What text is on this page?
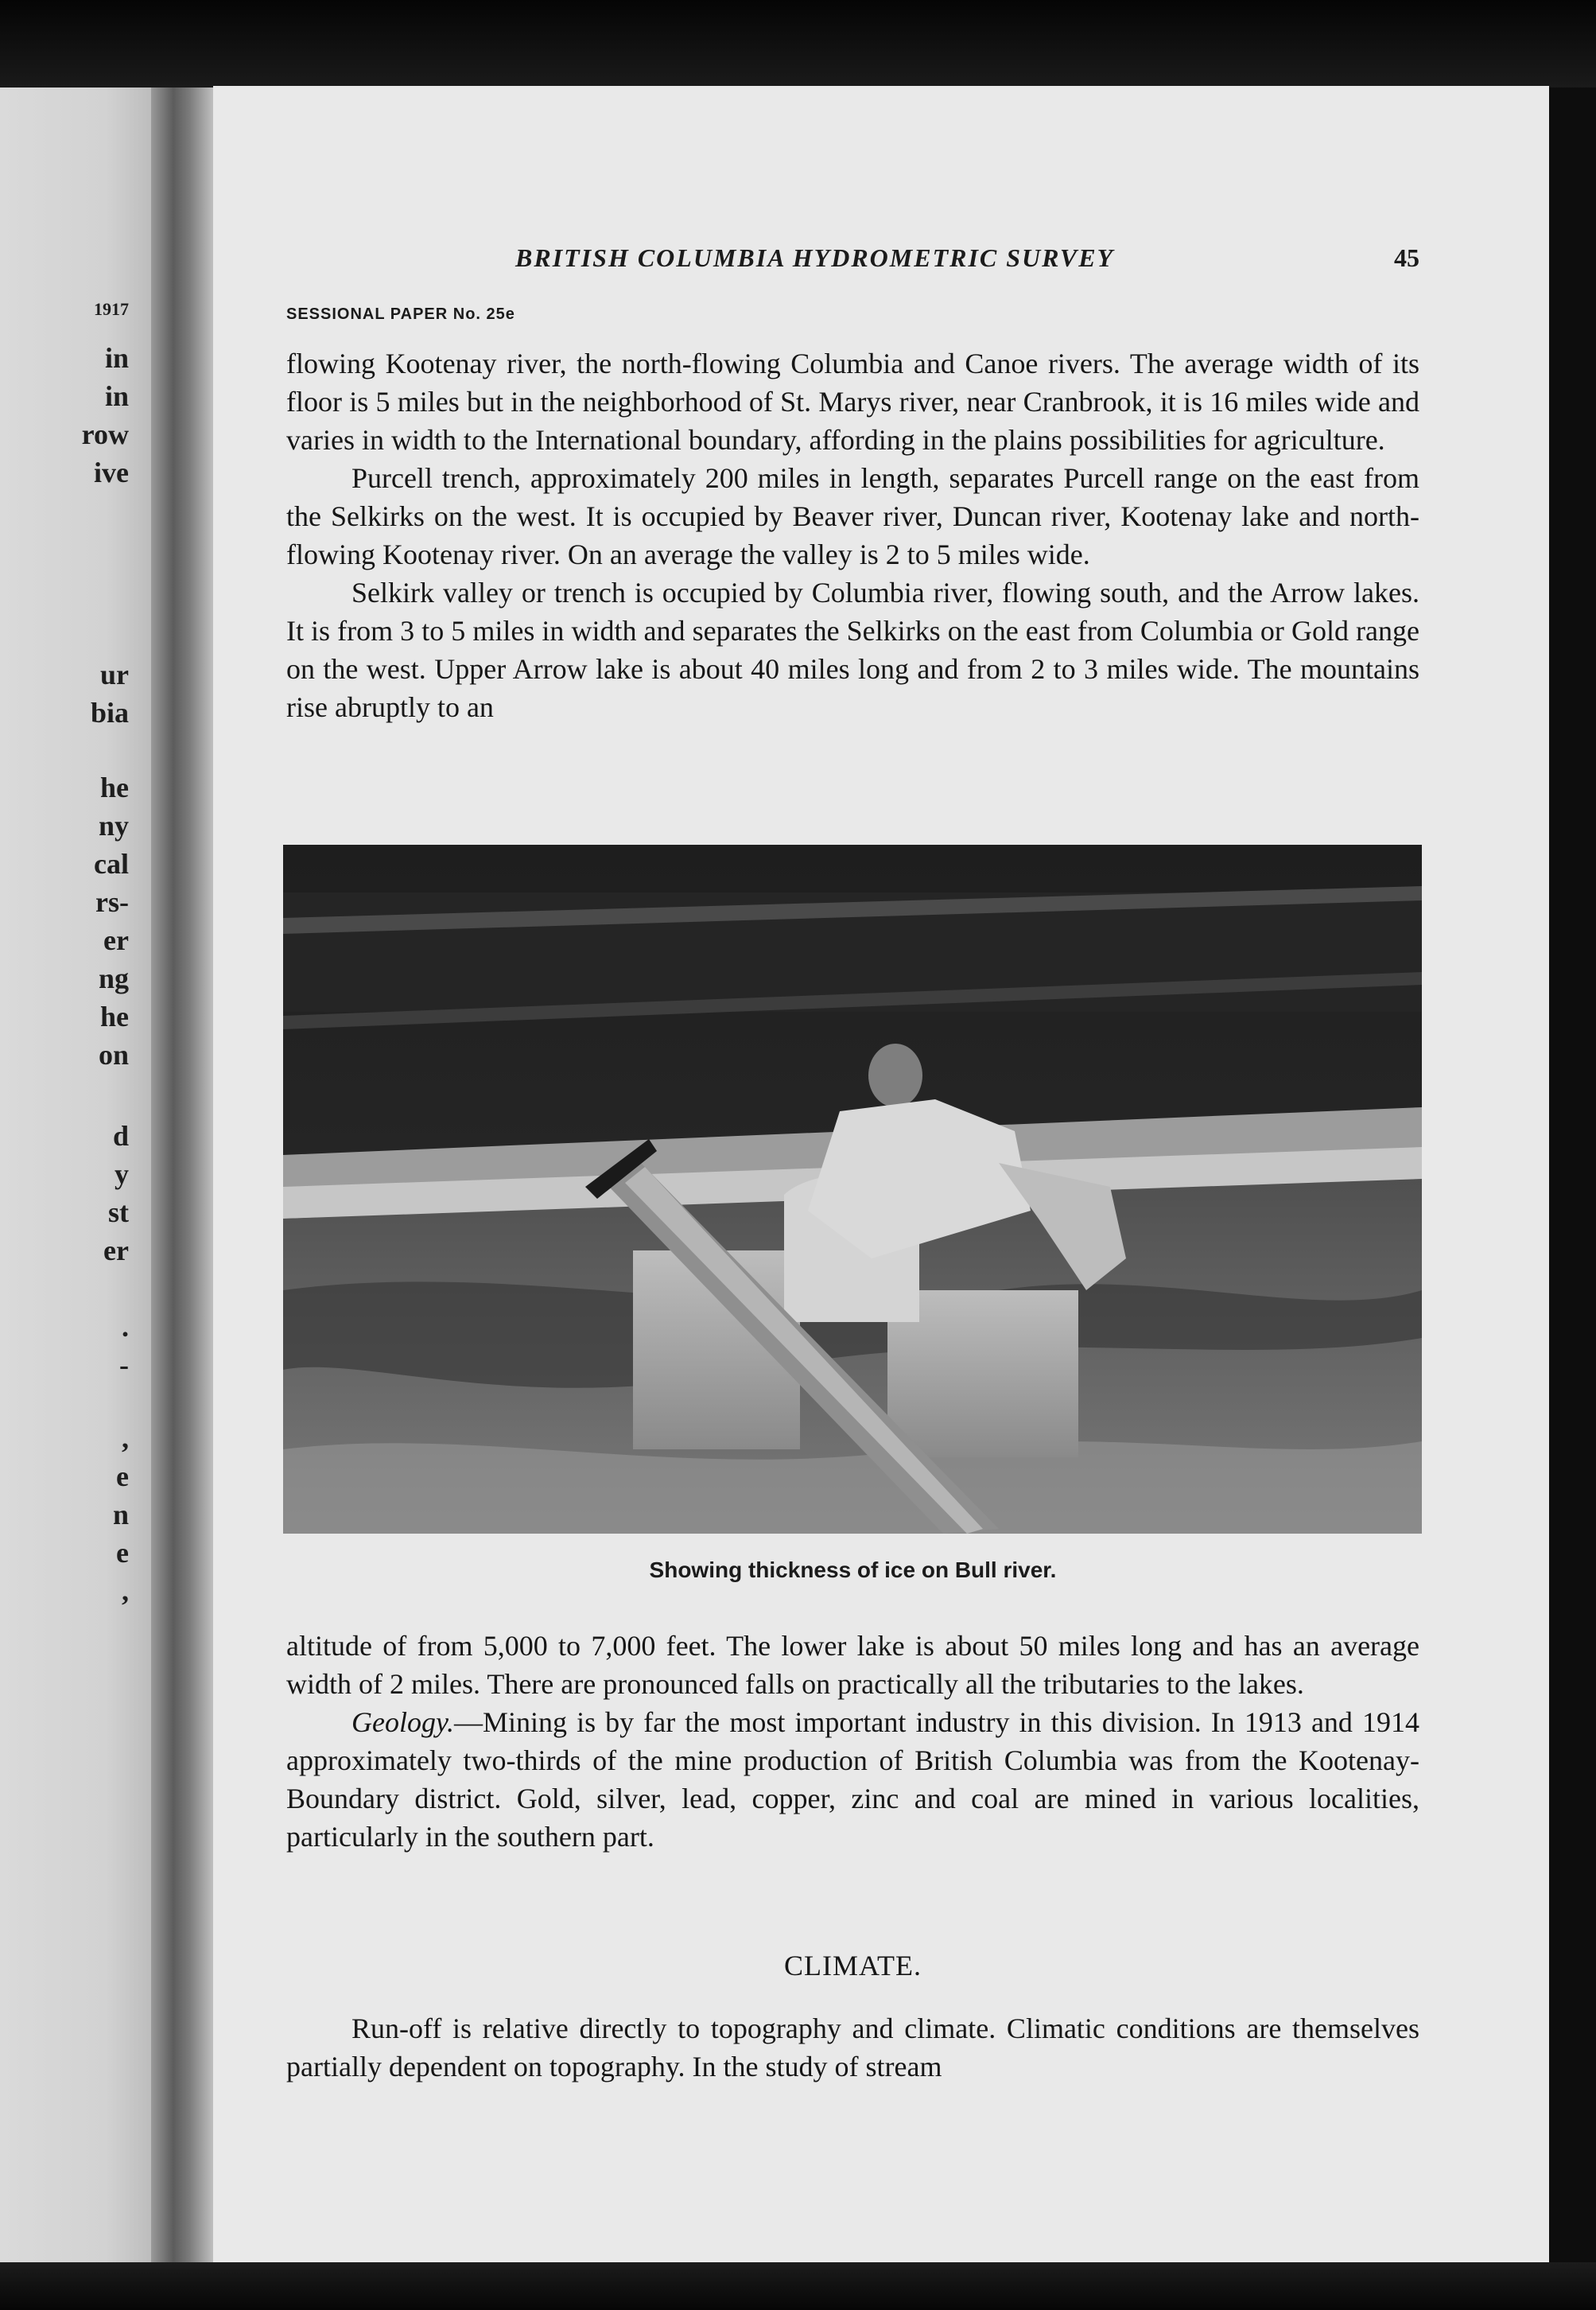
1917

in

in

row

ive

ur

bia

he

ny

cal

rs-

er

ng

he

on

d

y

st

er

.

-

,

e

n

e

,

BRITISH COLUMBIA HYDROMETRIC SURVEY	45
SESSIONAL PAPER No. 25e

flowing Kootenay river, the north-flowing Columbia and Canoe rivers. The average width of its floor is 5 miles but in the neighborhood of St. Marys river, near Cranbrook, it is 16 miles wide and varies in width to the International boundary, affording in the plains possibilities for agriculture.

Purcell trench, approximately 200 miles in length, separates Purcell range on the east from the Selkirks on the west. It is occupied by Beaver river, Duncan river, Kootenay lake and north-flowing Kootenay river. On an average the valley is 2 to 5 miles wide.

Selkirk valley or trench is occupied by Columbia river, flowing south, and the Arrow lakes. It is from 3 to 5 miles in width and separates the Selkirks on the east from Columbia or Gold range on the west. Upper Arrow lake is about 40 miles long and from 2 to 3 miles wide. The mountains rise abruptly to an

Showing thickness of ice on Bull river.

altitude of from 5,000 to 7,000 feet. The lower lake is about 50 miles long and has an average width of 2 miles. There are pronounced falls on practically all the tributaries to the lakes.

Geology.—Mining is by far the most important industry in this division. In 1913 and 1914 approximately two-thirds of the mine production of British Columbia was from the Kootenay-Boundary district. Gold, silver, lead, copper, zinc and coal are mined in various localities, particularly in the southern part.

CLIMATE.

Run-off is relative directly to topography and climate. Climatic conditions are themselves partially dependent on topography. In the study of stream
